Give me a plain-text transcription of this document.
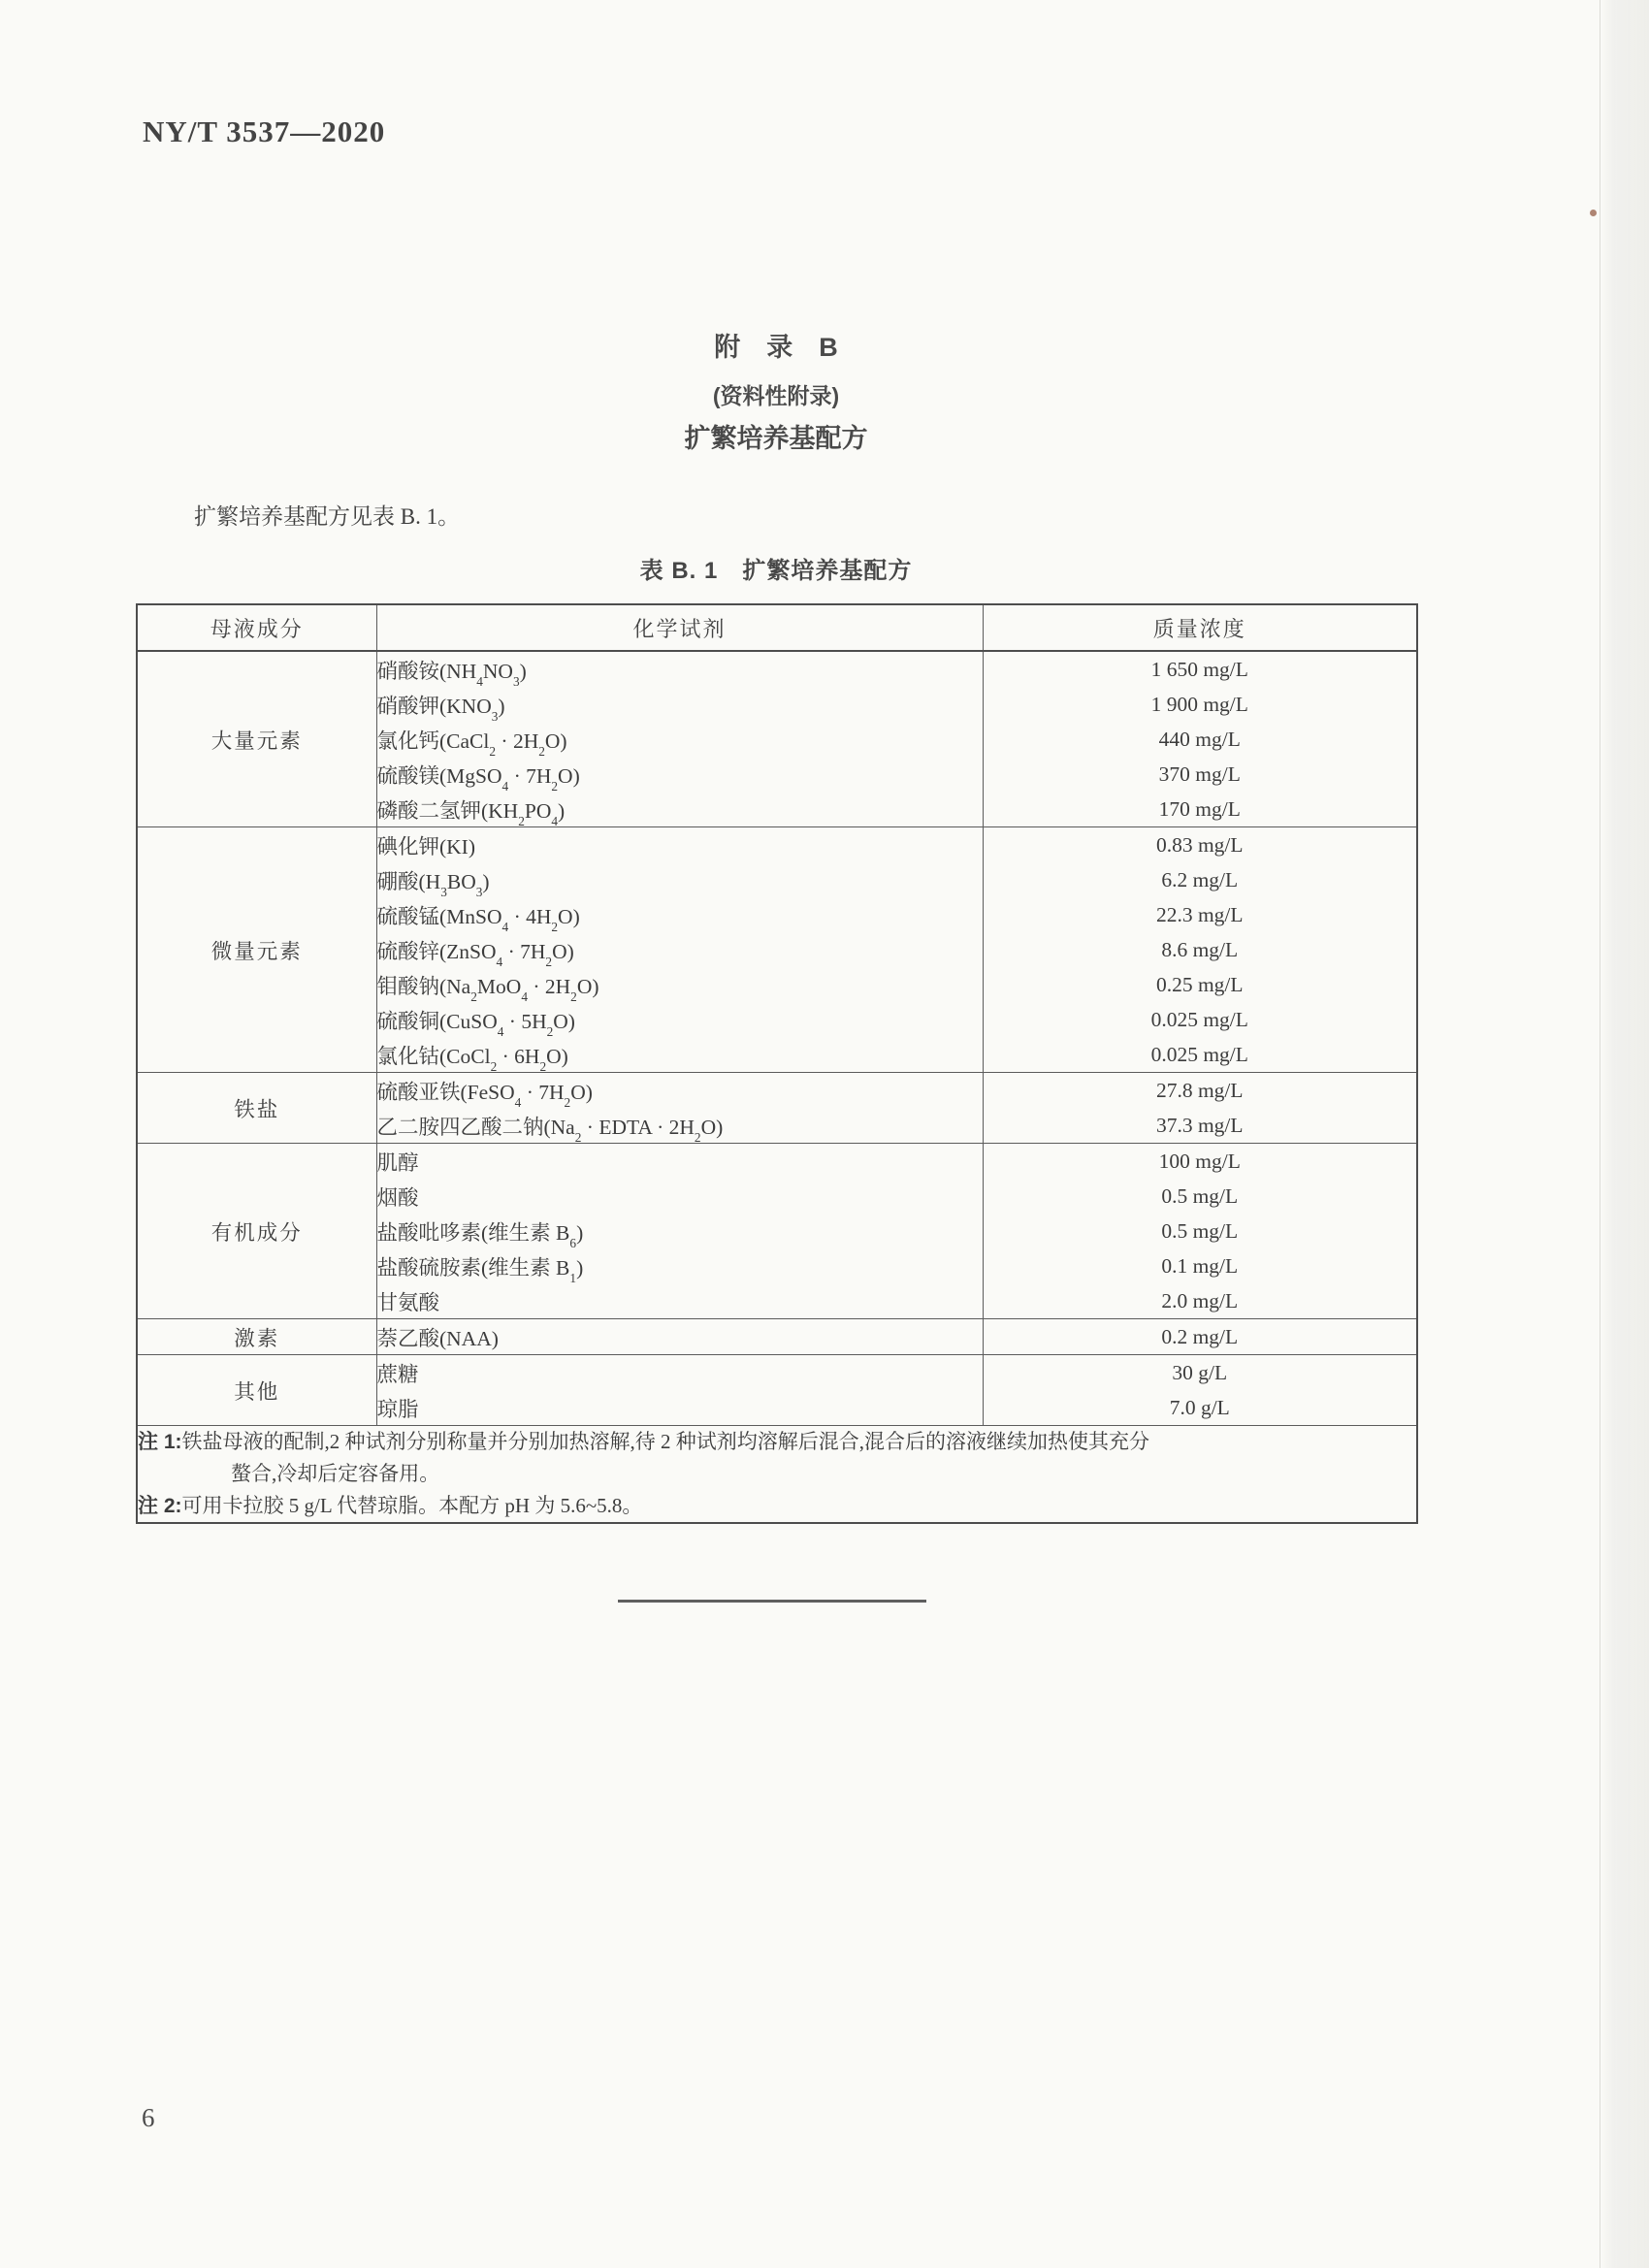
NY/T 3537—2020
附　录　B
(资料性附录)
扩繁培养基配方
扩繁培养基配方见表 B. 1。
表 B. 1　扩繁培养基配方
母液成分	化学试剂	质量浓度
大量元素	硝酸铵$(NH_4NO_3)$	1 650 mg/L
	硝酸钾$(KNO_3)$	1 900 mg/L
	氯化钙(CaCl$_2$ · $2H_2O$)	440 mg/L
	硫酸镁(MgSO$_4$ · $7H_2O$)	370 mg/L
	磷酸二氢钾$(KH_2PO_4)$	170 mg/L
微量元素	碘化钾(KI)	0.83 mg/L
	硼酸$(H_3BO_3)$	6.2 mg/L
	硫酸锰(MnSO$_4$ · $4H_2O$)	22.3 mg/L
	硫酸锌(ZnSO$_4$ · $7H_2O$)	8.6 mg/L
	钼酸钠$(Na_2MoO_4 \cdot 2H_2O)$	0.25 mg/L
	硫酸铜(CuSO$_4$ · $5H_2O$)	0.025 mg/L
	氯化钴(CoCl$_2$ · $6H_2O$)	0.025 mg/L
铁盐	硫酸亚铁(FeSO$_4$ · $7H_2O$)	27.8 mg/L
	乙二胺四乙酸二钠($Na_2$ · EDTA · $2H_2O$)	37.3 mg/L
有机成分	肌醇	100 mg/L
	烟酸	0.5 mg/L
	盐酸吡哆素(维生素 $B_6$)	0.5 mg/L
	盐酸硫胺素(维生素 $B_1$)	0.1 mg/L
	甘氨酸	2.0 mg/L
激素	萘乙酸(NAA)	0.2 mg/L
其他	蔗糖	30 g/L
	琼脂	7.0 g/L

注 1:铁盐母液的配制,2 种试剂分别称量并分别加热溶解,待 2 种试剂均溶解后混合,混合后的溶液继续加热使其充分
螯合,冷却后定容备用。
注 2:可用卡拉胶 5 g/L 代替琼脂。本配方 pH 为 5.6~5.8。		
6
